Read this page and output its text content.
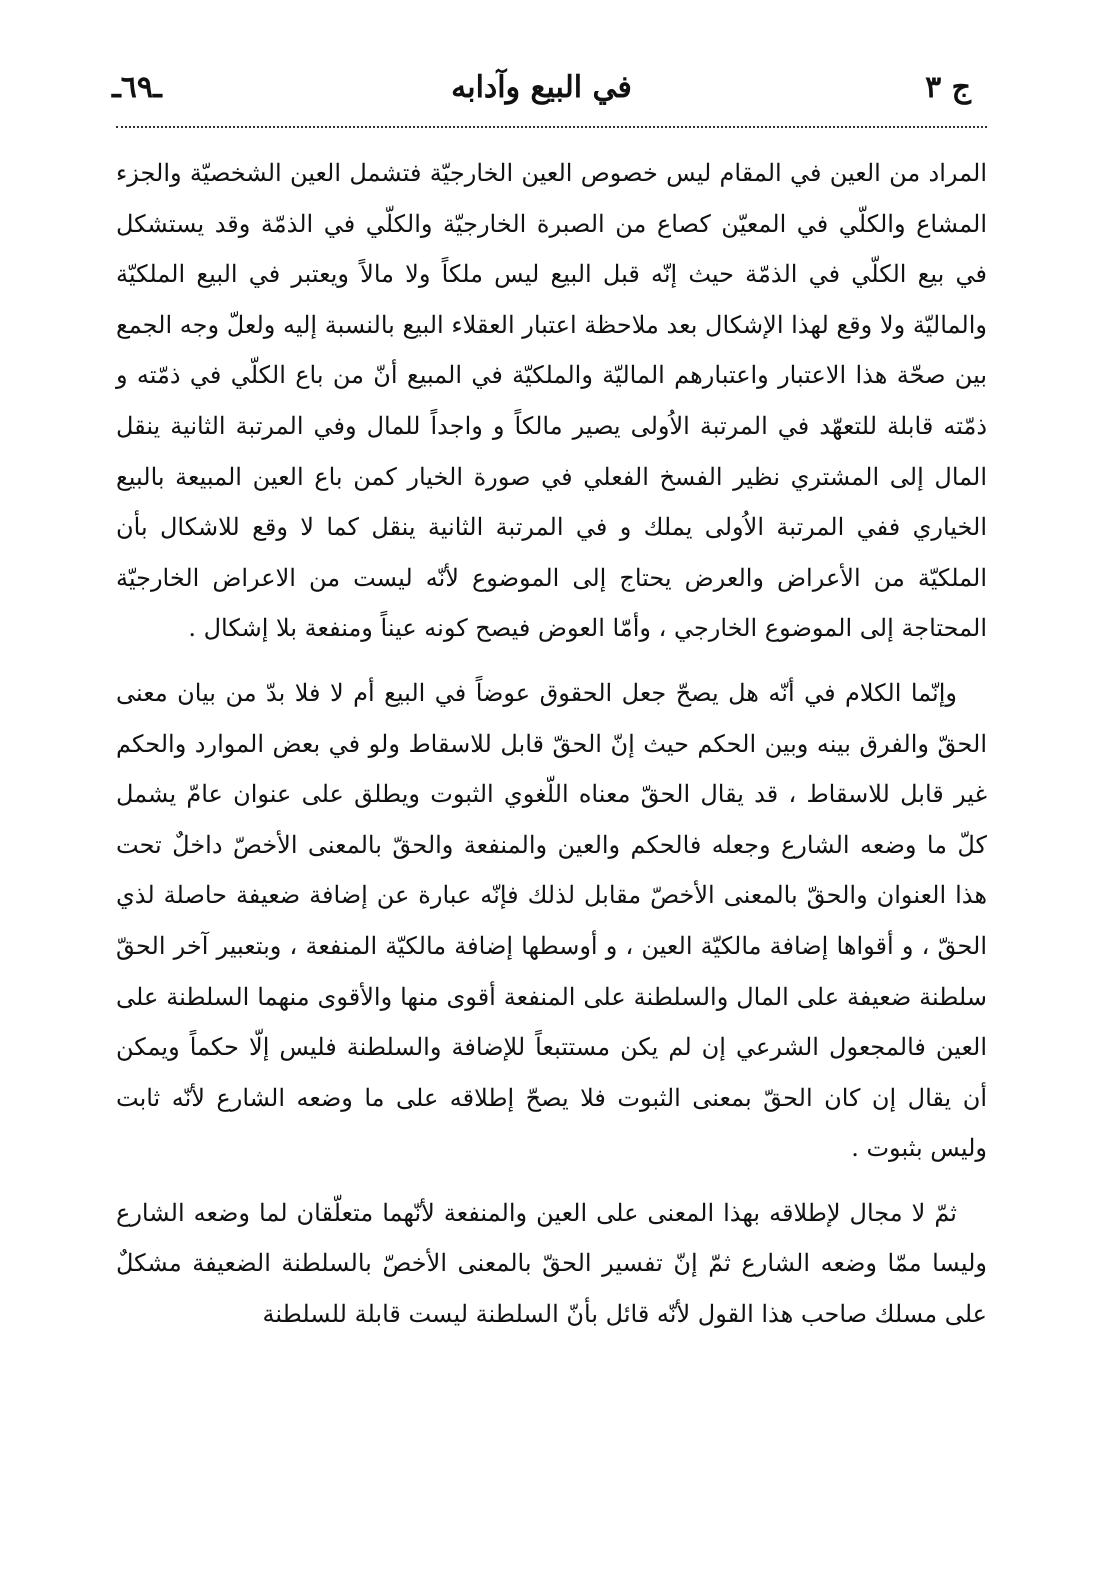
ج ٣
في البيع وآدابه
ـ٦٩ـ

المراد من العين في المقام ليس خصوص العين الخارجيّة فتشمل العين الشخصيّة والجزء المشاع والكلّي في المعيّن كصاع من الصبرة الخارجيّة والكلّي في الذمّة وقد يستشكل في بيع الكلّي في الذمّة حيث إنّه قبل البيع ليس ملكاً ولا مالاً ويعتبر في البيع الملكيّة والماليّة ولا وقع لهذا الإشكال بعد ملاحظة اعتبار العقلاء البيع بالنسبة إليه ولعلّ وجه الجمع بين صحّة هذا الاعتبار واعتبارهم الماليّة والملكيّة في المبيع أنّ من باع الكلّي في ذمّته و ذمّته قابلة للتعهّد في المرتبة الاُولى يصير مالكاً و واجداً للمال وفي المرتبة الثانية ينقل المال إلى المشتري نظير الفسخ الفعلي في صورة الخيار كمن باع العين المبيعة بالبيع الخياري ففي المرتبة الاُولى يملك و في المرتبة الثانية ينقل كما لا وقع للاشكال بأن الملكيّة من الأعراض والعرض يحتاج إلى الموضوع لأنّه ليست من الاعراض الخارجيّة المحتاجة إلى الموضوع الخارجي ، وأمّا العوض فيصح كونه عيناً ومنفعة بلا إشكال .

وإنّما الكلام في أنّه هل يصحّ جعل الحقوق عوضاً في البيع أم لا فلا بدّ من بيان معنى الحقّ والفرق بينه وبين الحكم حيث إنّ الحقّ قابل للاسقاط ولو في بعض الموارد والحكم غير قابل للاسقاط ، قد يقال الحقّ معناه اللّغوي الثبوت ويطلق على عنوان عامّ يشمل كلّ ما وضعه الشارع وجعله فالحكم والعين والمنفعة والحقّ بالمعنى الأخصّ داخلٌ تحت هذا العنوان والحقّ بالمعنى الأخصّ مقابل لذلك فإنّه عبارة عن إضافة ضعيفة حاصلة لذي الحقّ ، و أقواها إضافة مالكيّة العين ، و أوسطها إضافة مالكيّة المنفعة ، وبتعبير آخر الحقّ سلطنة ضعيفة على المال والسلطنة على المنفعة أقوى منها والأقوى منهما السلطنة على العين فالمجعول الشرعي إن لم يكن مستتبعاً للإضافة والسلطنة فليس إلّا حكماً ويمكن أن يقال إن كان الحقّ بمعنى الثبوت فلا يصحّ إطلاقه على ما وضعه الشارع لأنّه ثابت وليس بثبوت .

ثمّ لا مجال لإطلاقه بهذا المعنى على العين والمنفعة لأنّهما متعلّقان لما وضعه الشارع وليسا ممّا وضعه الشارع ثمّ إنّ تفسير الحقّ بالمعنى الأخصّ بالسلطنة الضعيفة مشكلٌ على مسلك صاحب هذا القول لأنّه قائل بأنّ السلطنة ليست قابلة للسلطنة
